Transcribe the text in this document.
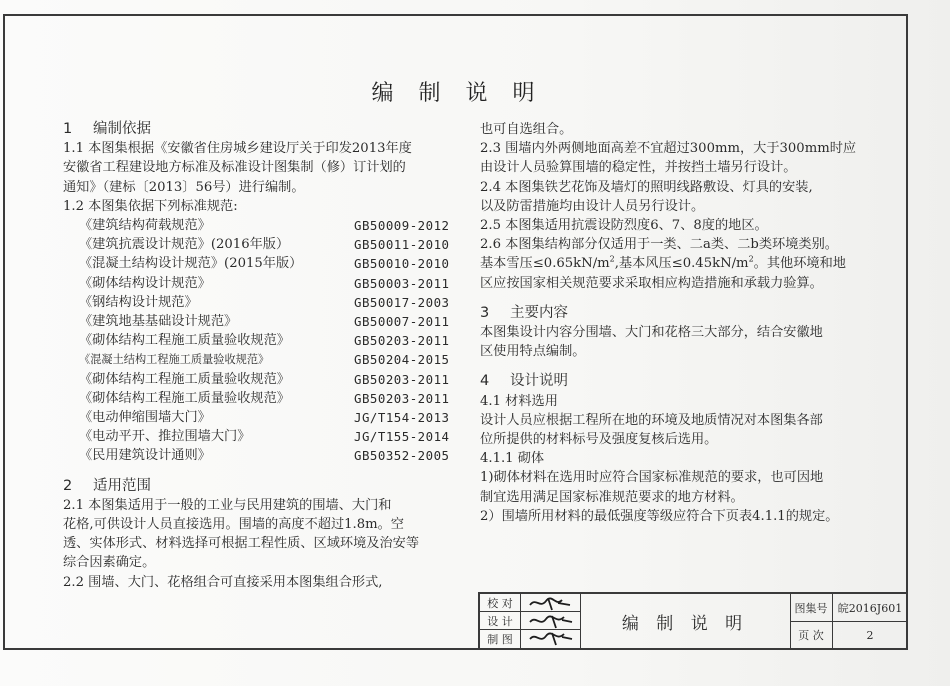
编 制 说 明
1 编制依据
1.1 本图集根据《安徽省住房城乡建设厅关于印发2013年度
安徽省工程建设地方标准及标准设计图集制（修）订计划的
通知》（建标〔2013〕56号）进行编制。
1.2 本图集依据下列标准规范:
《建筑结构荷载规范》	GB50009-2012
《建筑抗震设计规范》(2016年版）	GB50011-2010
《混凝土结构设计规范》(2015年版）	GB50010-2010
《砌体结构设计规范》	GB50003-2011
《钢结构设计规范》	GB50017-2003
《建筑地基基础设计规范》	GB50007-2011
《砌体结构工程施工质量验收规范》	GB50203-2011
《混凝土结构工程施工质量验收规范》	GB50204-2015
《砌体结构工程施工质量验收规范》	GB50203-2011
《砌体结构工程施工质量验收规范》	GB50203-2011
《电动伸缩围墙大门》	JG/T154-2013
《电动平开、推拉围墙大门》	JG/T155-2014
《民用建筑设计通则》	GB50352-2005
2 适用范围
2.1 本图集适用于一般的工业与民用建筑的围墙、大门和
花格,可供设计人员直接选用。围墙的高度不超过1.8m。空
透、实体形式、材料选择可根据工程性质、区域环境及治安等
综合因素确定。
2.2 围墙、大门、花格组合可直接采用本图集组合形式,
也可自选组合。
2.3 围墙内外两侧地面高差不宜超过300mm，大于300mm时应
由设计人员验算围墙的稳定性，并按挡土墙另行设计。
2.4 本图集铁艺花饰及墙灯的照明线路敷设、灯具的安装,
以及防雷措施均由设计人员另行设计。
2.5 本图集适用抗震设防烈度6、7、8度的地区。
2.6 本图集结构部分仅适用于一类、二a类、二b类环境类别。
基本雪压$\le 0.65kN/m^2$,基本风压$\le 0.45kN/m^2$。其他环境和地
区应按国家相关规范要求采取相应构造措施和承载力验算。
3 主要内容
本图集设计内容分围墙、大门和花格三大部分，结合安徽地
区使用特点编制。
4 设计说明
4.1 材料选用
设计人员应根据工程所在地的环境及地质情况对本图集各部
位所提供的材料标号及强度复核后选用。
4.1.1 砌体
1)砌体材料在选用时应符合国家标准规范的要求，也可因地
制宜选用满足国家标准规范要求的地方材料。
2）围墙所用材料的最低强度等级应符合下页表4.1.1的规定。
校 对
设 计
制 图
编 制 说 明
图集号 皖2016J601
页 次	2
